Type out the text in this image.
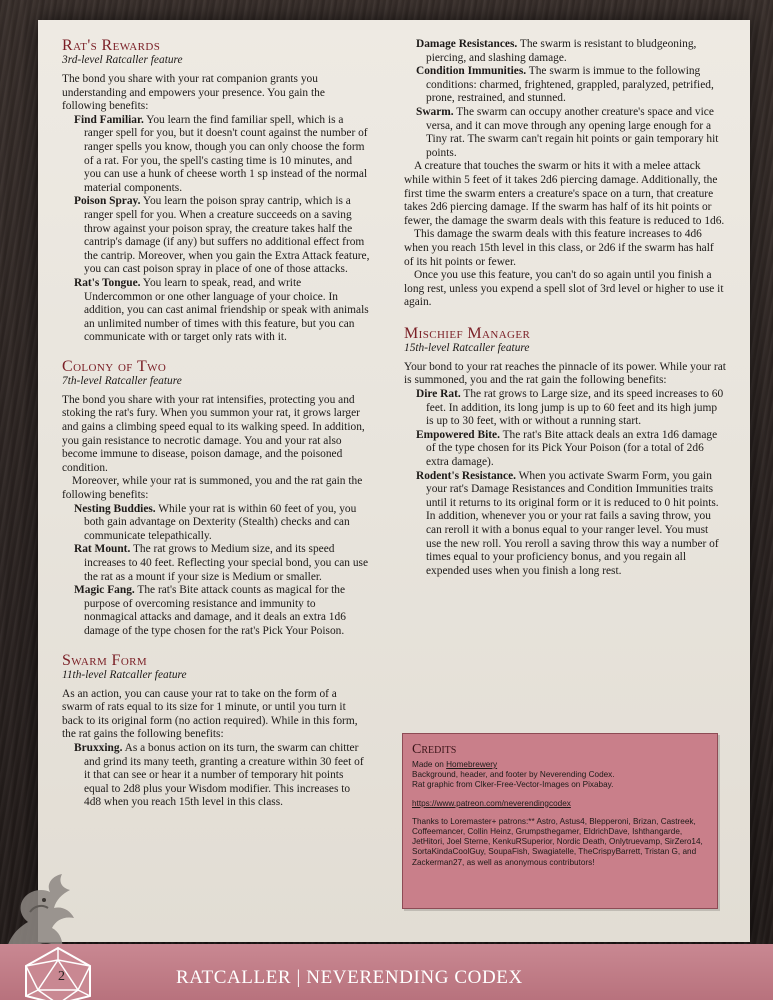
Rat's Rewards

3rd-level Ratcaller feature

The bond you share with your rat companion grants you understanding and empowers your presence. You gain the following benefits:

Find Familiar. You learn the find familiar spell, which is a ranger spell for you, but it doesn't count against the number of ranger spells you know, though you can only choose the form of a rat. For you, the spell's casting time is 10 minutes, and you can use a hunk of cheese worth 1 sp instead of the normal material components.

Poison Spray. You learn the poison spray cantrip, which is a ranger spell for you. When a creature succeeds on a saving throw against your poison spray, the creature takes half the cantrip's damage (if any) but suffers no additional effect from the cantrip. Moreover, when you gain the Extra Attack feature, you can cast poison spray in place of one of those attacks.

Rat's Tongue. You learn to speak, read, and write Undercommon or one other language of your choice. In addition, you can cast animal friendship or speak with animals an unlimited number of times with this feature, but you can communicate with or target only rats with it.

Colony of Two

7th-level Ratcaller feature

The bond you share with your rat intensifies, protecting you and stoking the rat's fury. When you summon your rat, it grows larger and gains a climbing speed equal to its walking speed. In addition, you gain resistance to necrotic damage. You and your rat also become immune to disease, poison damage, and the poisoned condition.

Moreover, while your rat is summoned, you and the rat gain the following benefits:

Nesting Buddies. While your rat is within 60 feet of you, you both gain advantage on Dexterity (Stealth) checks and can communicate telepathically.

Rat Mount. The rat grows to Medium size, and its speed increases to 40 feet. Reflecting your special bond, you can use the rat as a mount if your size is Medium or smaller.

Magic Fang. The rat's Bite attack counts as magical for the purpose of overcoming resistance and immunity to nonmagical attacks and damage, and it deals an extra 1d6 damage of the type chosen for the rat's Pick Your Poison.

Swarm Form

11th-level Ratcaller feature

As an action, you can cause your rat to take on the form of a swarm of rats equal to its size for 1 minute, or until you turn it back to its original form (no action required). While in this form, the rat gains the following benefits:

Bruxxing. As a bonus action on its turn, the swarm can chitter and grind its many teeth, granting a creature within 30 feet of it that can see or hear it a number of temporary hit points equal to 2d8 plus your Wisdom modifier. This increases to 4d8 when you reach 15th level in this class.

Damage Resistances. The swarm is resistant to bludgeoning, piercing, and slashing damage.

Condition Immunities. The swarm is immue to the following conditions: charmed, frightened, grappled, paralyzed, petrified, prone, restrained, and stunned.

Swarm. The swarm can occupy another creature's space and vice versa, and it can move through any opening large enough for a Tiny rat. The swarm can't regain hit points or gain temporary hit points.

A creature that touches the swarm or hits it with a melee attack while within 5 feet of it takes 2d6 piercing damage. Additionally, the first time the swarm enters a creature's space on a turn, that creature takes 2d6 piercing damage. If the swarm has half of its hit points or fewer, the damage the swarm deals with this feature is reduced to 1d6.

This damage the swarm deals with this feature increases to 4d6 when you reach 15th level in this class, or 2d6 if the swarm has half of its hit points or fewer.

Once you use this feature, you can't do so again until you finish a long rest, unless you expend a spell slot of 3rd level or higher to use it again.

Mischief Manager

15th-level Ratcaller feature

Your bond to your rat reaches the pinnacle of its power. While your rat is summoned, you and the rat gain the following benefits:

Dire Rat. The rat grows to Large size, and its speed increases to 60 feet. In addition, its long jump is up to 60 feet and its high jump is up to 30 feet, with or without a running start.

Empowered Bite. The rat's Bite attack deals an extra 1d6 damage of the type chosen for its Pick Your Poison (for a total of 2d6 extra damage).

Rodent's Resistance. When you activate Swarm Form, you gain your rat's Damage Resistances and Condition Immunities traits until it returns to its original form or it is reduced to 0 hit points. In addition, whenever you or your rat fails a saving throw, you can reroll it with a bonus equal to your ranger level. You must use the new roll. You reroll a saving throw this way a number of times equal to your proficiency bonus, and you regain all expended uses when you finish a long rest.

Credits

Made on Homebrewery

Background, header, and footer by Neverending Codex.

Rat graphic from Clker-Free-Vector-Images on Pixabay.

https://www.patreon.com/neverendingcodex

Thanks to Loremaster+ patrons:** Astro, Astus4, Blepperoni, Brizan, Castreek, Coffeemancer, Collin Heinz, Grumpsthegamer, EldrichDave, Ishthangarde, JetHitori, Joel Sterne, KenkuRSuperior, Nordic Death, Onlytruevamp, SirZero14, SortaKindaCoolGuy, SoupaFish, Swagiatelle, TheCrispyBarrett, Tristan G, and Zackerman27, as well as anonymous contributors!

2	RATCALLER | NEVERENDING CODEX
